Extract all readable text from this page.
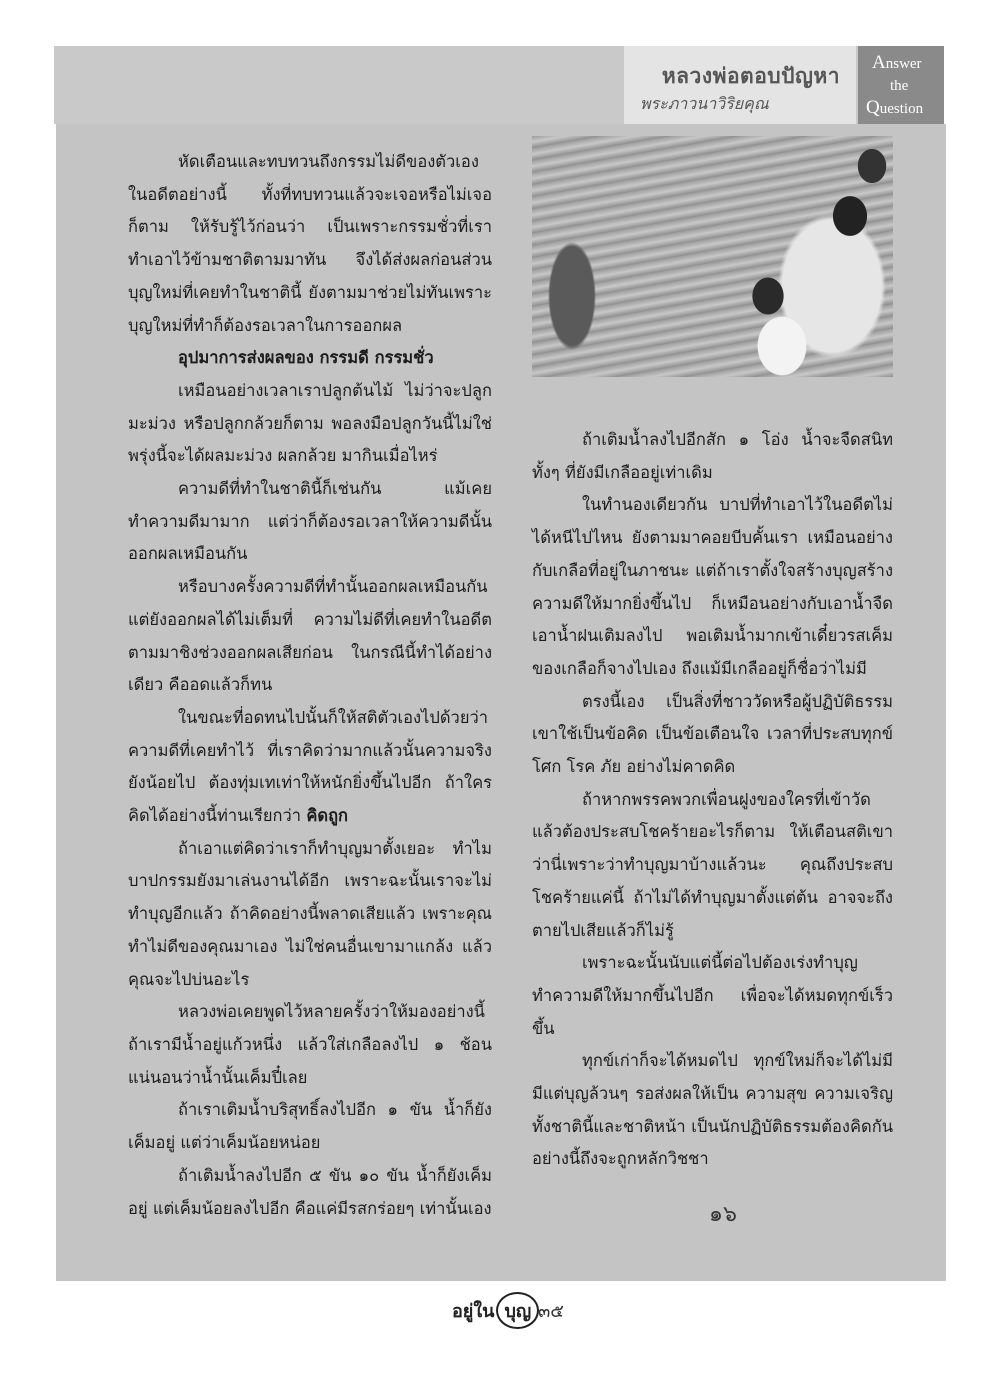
หลวงพ่อตอบปัญหา
พระภาวนาวิริยคุณ
Answer
the
Question

หัดเตือนและทบทวนถึงกรรมไม่ดีของตัวเองในอดีตอย่างนี้ ทั้งที่ทบทวนแล้วจะเจอหรือไม่เจอก็ตาม ให้รับรู้ไว้ก่อนว่า เป็นเพราะกรรมชั่วที่เราทำเอาไว้ข้ามชาติตามมาทัน จึงได้ส่งผลก่อนส่วนบุญใหม่ที่เคยทำในชาตินี้ ยังตามมาช่วยไม่ทันเพราะบุญใหม่ที่ทำก็ต้องรอเวลาในการออกผล

อุปมาการส่งผลของ กรรมดี กรรมชั่ว

เหมือนอย่างเวลาเราปลูกต้นไม้ ไม่ว่าจะปลูกมะม่วง หรือปลูกกล้วยก็ตาม พอลงมือปลูกวันนี้ไม่ใช่พรุ่งนี้จะได้ผลมะม่วง ผลกล้วย มากินเมื่อไหร่

ความดีที่ทำในชาตินี้ก็เช่นกัน แม้เคยทำความดีมามาก แต่ว่าก็ต้องรอเวลาให้ความดีนั้นออกผลเหมือนกัน

หรือบางครั้งความดีที่ทำนั้นออกผลเหมือนกัน แต่ยังออกผลได้ไม่เต็มที่ ความไม่ดีที่เคยทำในอดีตตามมาชิงช่วงออกผลเสียก่อน ในกรณีนี้ทำได้อย่างเดียว คืออดแล้วก็ทน

ในขณะที่อดทนไปนั้นก็ให้สติตัวเองไปด้วยว่าความดีที่เคยทำไว้ ที่เราคิดว่ามากแล้วนั้นความจริงยังน้อยไป ต้องทุ่มเทเท่าให้หนักยิ่งขึ้นไปอีก ถ้าใครคิดได้อย่างนี้ท่านเรียกว่า คิดถูก

ถ้าเอาแต่คิดว่าเราก็ทำบุญมาตั้งเยอะ ทำไมบาปกรรมยังมาเล่นงานได้อีก เพราะฉะนั้นเราจะไม่ทำบุญอีกแล้ว ถ้าคิดอย่างนี้พลาดเสียแล้ว เพราะคุณทำไม่ดีของคุณมาเอง ไม่ใช่คนอื่นเขามาแกล้ง แล้วคุณจะไปบ่นอะไร

หลวงพ่อเคยพูดไว้หลายครั้งว่าให้มองอย่างนี้ ถ้าเรามีน้ำอยู่แก้วหนึ่ง แล้วใส่เกลือลงไป ๑ ช้อน แน่นอนว่าน้ำนั้นเค็มปี๋เลย

ถ้าเราเติมน้ำบริสุทธิ์ลงไปอีก ๑ ขัน น้ำก็ยังเค็มอยู่ แต่ว่าเค็มน้อยหน่อย

ถ้าเติมน้ำลงไปอีก ๕ ขัน ๑๐ ขัน น้ำก็ยังเค็มอยู่ แต่เค็มน้อยลงไปอีก คือแค่มีรสกร่อยๆ เท่านั้นเอง

ถ้าเติมน้ำลงไปอีกสัก ๑ โอ่ง น้ำจะจืดสนิททั้งๆ ที่ยังมีเกลืออยู่เท่าเดิม

ในทำนองเดียวกัน บาปที่ทำเอาไว้ในอดีตไม่ได้หนีไปไหน ยังตามมาคอยบีบคั้นเรา เหมือนอย่างกับเกลือที่อยู่ในภาชนะ แต่ถ้าเราตั้งใจสร้างบุญสร้างความดีให้มากยิ่งขึ้นไป ก็เหมือนอย่างกับเอาน้ำจืด เอาน้ำฝนเติมลงไป พอเติมน้ำมากเข้าเดี๋ยวรสเค็มของเกลือก็จางไปเอง ถึงแม้มีเกลืออยู่ก็ชื่อว่าไม่มี

ตรงนี้เอง เป็นสิ่งที่ชาววัดหรือผู้ปฏิบัติธรรมเขาใช้เป็นข้อคิด เป็นข้อเตือนใจ เวลาที่ประสบทุกข์โศก โรค ภัย อย่างไม่คาดคิด

ถ้าหากพรรคพวกเพื่อนฝูงของใครที่เข้าวัดแล้วต้องประสบโชคร้ายอะไรก็ตาม ให้เตือนสติเขาว่านี่เพราะว่าทำบุญมาบ้างแล้วนะ คุณถึงประสบโชคร้ายแค่นี้ ถ้าไม่ได้ทำบุญมาตั้งแต่ต้น อาจจะถึงตายไปเสียแล้วก็ไม่รู้

เพราะฉะนั้นนับแต่นี้ต่อไปต้องเร่งทำบุญทำความดีให้มากขึ้นไปอีก เพื่อจะได้หมดทุกข์เร็วขึ้น

ทุกข์เก่าก็จะได้หมดไป ทุกข์ใหม่ก็จะได้ไม่มีมีแต่บุญล้วนๆ รอส่งผลให้เป็น ความสุข ความเจริญทั้งชาตินี้และชาติหน้า เป็นนักปฏิบัติธรรมต้องคิดกันอย่างนี้ถึงจะถูกหลักวิชชา

๑๖
อยู่ใน บุญ ๓๕
